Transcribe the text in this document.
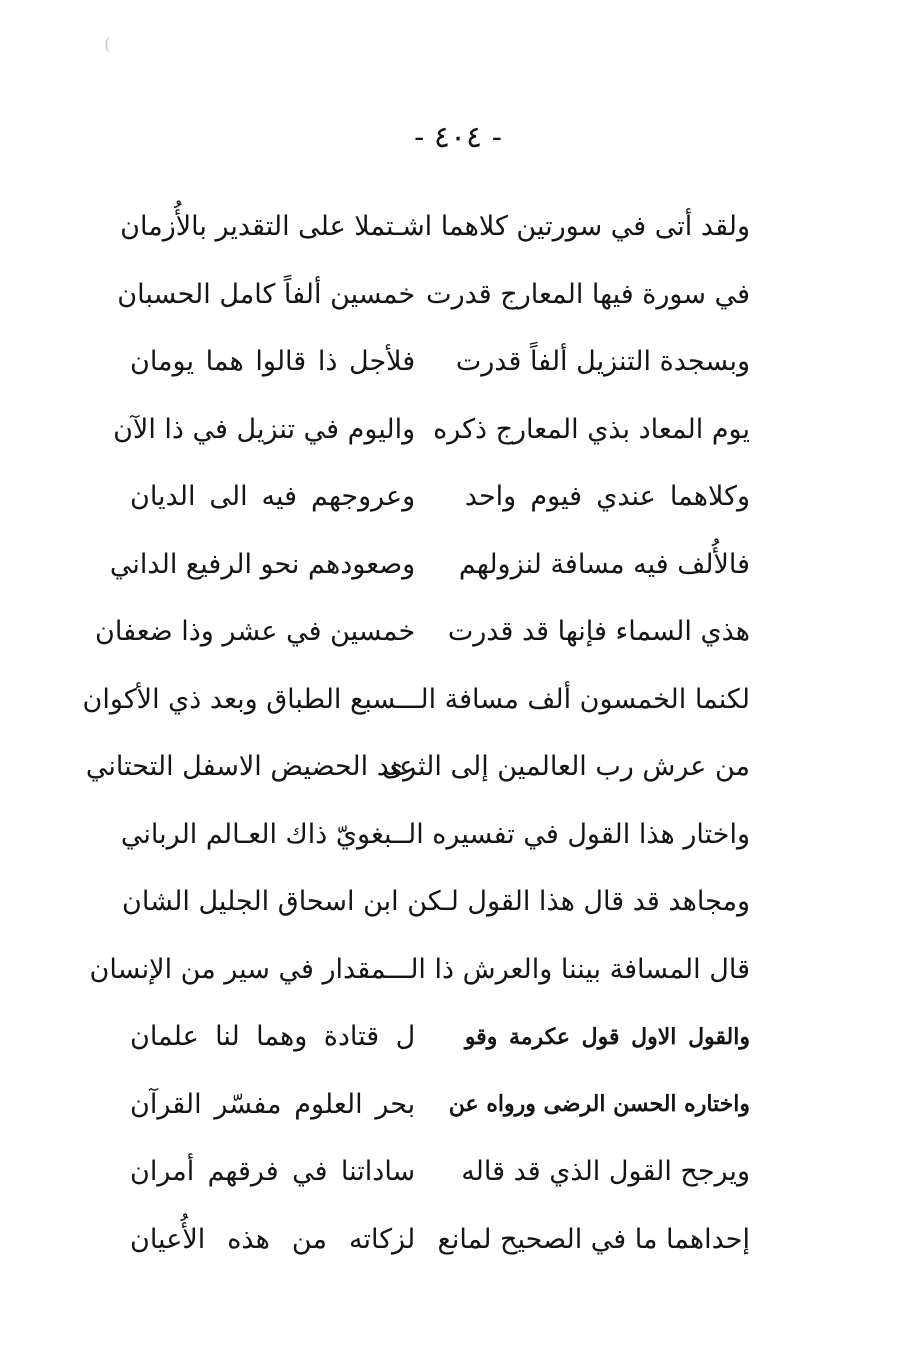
(
- ٤٠٤ -
ولقد أتى في سورتين كلاهما اشـتملا على التقدير بالأُزمان
في سورة فيها المعارج قدرت
خمسين ألفاً كامل الحسبان
وبسجدة التنزيل ألفاً قدرت
فلأجل ذا قالوا هما يومان
يوم المعاد بذي المعارج ذكره
واليوم في تنزيل في ذا الآن
وكلاهما عندي فيوم واحد
وعروجهم فيه الى الديان
فالأُلف فيه مسافة لنزولهم
وصعودهم نحو الرفيع الداني
هذي السماء فإنها قد قدرت
خمسين في عشر وذا ضعفان
لكنما الخمسون ألف مسافة الـــسبع الطباق وبعد ذي الأكوان
من عرش رب العالمين إلى الثرى
عند الحضيض الاسفل التحتاني
واختار هذا القول في تفسيره الــبغويّ ذاك العـالم الرباني
ومجاهد قد قال هذا القول لـكن ابن اسحاق الجليل الشان
قال المسافة بيننا والعرش ذا الـــمقدار في سير من الإنسان
والقول الاول قول عكرمة وقو
ل قتادة وهما لنا علمان
واختاره الحسن الرضى ورواه عن
بحر العلوم مفسّر القرآن
ويرجح القول الذي قد قاله
ساداتنا في فرقهم أمران
إحداهما ما في الصحيح لمانع
لزكاته من هذه الأُعيان
